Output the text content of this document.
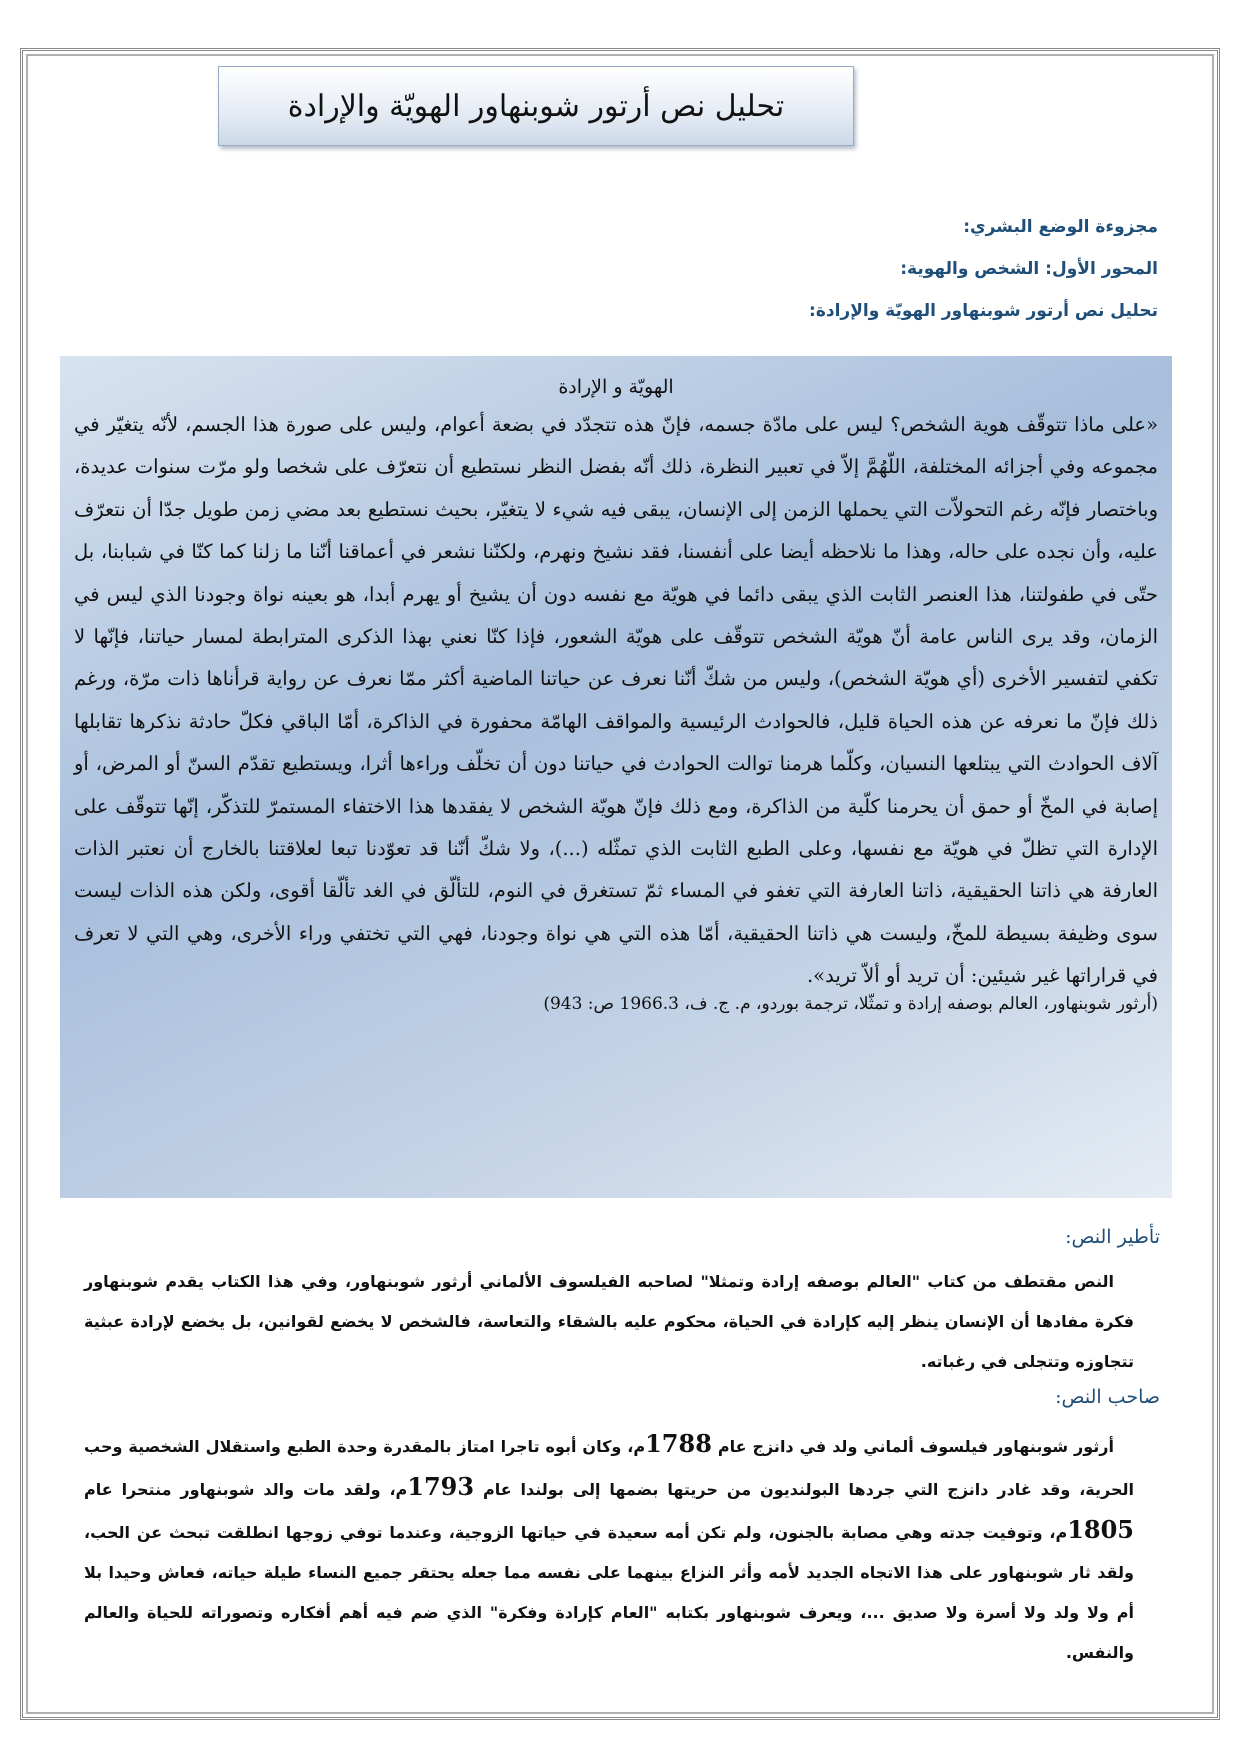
تحليل نص أرتور شوبنهاور الهويّة والإرادة
مجزوءة الوضع البشري:
المحور الأول: الشخص والهوية:
تحليل نص أرتور شوبنهاور الهويّة والإرادة:
الهويّة و الإرادة

«على ماذا تتوقّف هوية الشخص؟ ليس على مادّة جسمه، فإنّ هذه تتجدّد في بضعة أعوام، وليس على صورة هذا الجسم، لأنّه يتغيّر في مجموعه وفي أجزائه المختلفة، اللّهُمَّ إلاّ في تعبير النظرة، ذلك أنّه بفضل النظر نستطيع أن نتعرّف على شخصا ولو مرّت سنوات عديدة، وباختصار فإنّه رغم التحولاّت التي يحملها الزمن إلى الإنسان، يبقى فيه شيء لا يتغيّر، بحيث نستطيع بعد مضي زمن طويل جدّا أن نتعرّف عليه، وأن نجده على حاله، وهذا ما نلاحظه أيضا على أنفسنا، فقد نشيخ ونهرم، ولكنّنا نشعر في أعماقنا أنّنا ما زلنا كما كنّا في شبابنا، بل حتّى في طفولتنا، هذا العنصر الثابت الذي يبقى دائما في هويّة مع نفسه دون أن يشيخ أو يهرم أبدا، هو بعينه نواة وجودنا الذي ليس في الزمان، وقد يرى الناس عامة أنّ هويّة الشخص تتوقّف على هويّة الشعور، فإذا كنّا نعني بهذا الذكرى المترابطة لمسار حياتنا، فإنّها لا تكفي لتفسير الأخرى (أي هويّة الشخص)، وليس من شكّ أنّنا نعرف عن حياتنا الماضية أكثر ممّا نعرف عن رواية قرأناها ذات مرّة، ورغم ذلك فإنّ ما نعرفه عن هذه الحياة قليل، فالحوادث الرئيسية والمواقف الهامّة محفورة في الذاكرة، أمّا الباقي فكلّ حادثة نذكرها تقابلها آلاف الحوادث التي يبتلعها النسيان، وكلّما هرمنا توالت الحوادث في حياتنا دون أن تخلّف وراءها أثرا، ويستطيع تقدّم السنّ أو المرض، أو إصابة في المخّ أو حمق أن يحرمنا كلّية من الذاكرة، ومع ذلك فإنّ هويّة الشخص لا يفقدها هذا الاختفاء المستمرّ للتذكّر، إنّها تتوقّف على الإدارة التي تظلّ في هويّة مع نفسها، وعلى الطبع الثابت الذي تمثّله (...)، ولا شكّ أنّنا قد تعوّدنا تبعا لعلاقتنا بالخارج أن نعتبر الذات العارفة هي ذاتنا الحقيقية، ذاتنا العارفة التي تغفو في المساء ثمّ تستغرق في النوم، للتألّق في الغد تألّقا أقوى، ولكن هذه الذات ليست سوى وظيفة بسيطة للمخّ، وليست هي ذاتنا الحقيقية، أمّا هذه التي هي نواة وجودنا، فهي التي تختفي وراء الأخرى، وهي التي لا تعرف في قراراتها غير شيئين: أن تريد أو ألاّ تريد».

(أرثور شوبنهاور، العالم بوصفه إرادة و تمثّلا، ترجمة بوردو، م. ج. ف، 1966.3 ص: 943)
تأطير النص:
النص مقتطف من كتاب "العالم بوصفه إرادة وتمثلا" لصاحبه الفيلسوف الألماني أرثور شوبنهاور، وفي هذا الكتاب يقدم شوبنهاور فكرة مفادها أن الإنسان ينظر إليه كإرادة في الحياة، محكوم عليه بالشقاء والتعاسة، فالشخص لا يخضع لقوانين، بل يخضع لإرادة عبثية تتجاوزه وتتجلى في رغباته.
صاحب النص:
أرثور شوبنهاور فيلسوف ألماني ولد في دانزج عام 1788م، وكان أبوه تاجرا امتاز بالمقدرة وحدة الطبع واستقلال الشخصية وحب الحرية، وقد غادر دانزج التي جردها البولنديون من حريتها بضمها إلى بولندا عام 1793م، ولقد مات والد شوبنهاور منتحرا عام 1805م، وتوفيت جدته وهي مصابة بالجنون، ولم تكن أمه سعيدة في حياتها الزوجية، وعندما توفي زوجها انطلقت تبحث عن الحب، ولقد ثار شوبنهاور على هذا الاتجاه الجديد لأمه وأثر النزاع بينهما على نفسه مما جعله يحتقر جميع النساء طيلة حياته، فعاش وحيدا بلا أم ولا ولد ولا أسرة ولا صديق ...، ويعرف شوبنهاور بكتابه "العام كإرادة وفكرة" الذي ضم فيه أهم أفكاره وتصوراته للحياة والعالم والنفس.
